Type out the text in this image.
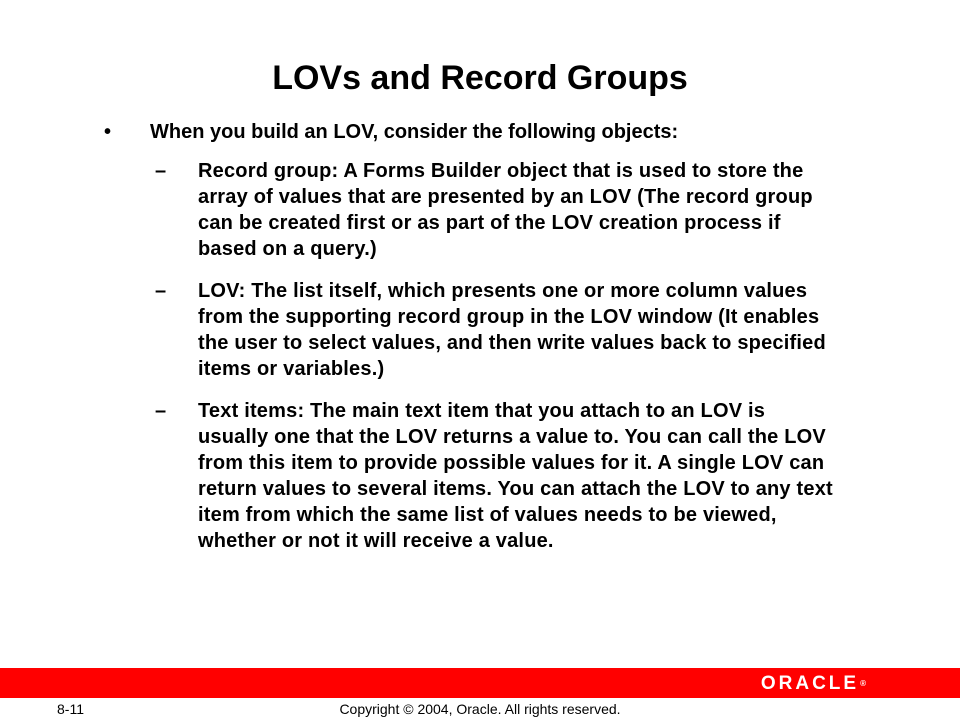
LOVs and Record Groups
• When you build an LOV, consider the following objects:
– Record group: A Forms Builder object that is used to store the array of values that are presented by an LOV (The record group can be created first or as part of the LOV creation process if based on a query.)
– LOV: The list itself, which presents one or more column values from the supporting record group in the LOV window (It enables the user to select values, and then write values back to specified items or variables.)
– Text items: The main text item that you attach to an LOV is usually one that the LOV returns a value to. You can call the LOV from this item to provide possible values for it. A single LOV can return values to several items. You can attach the LOV to any text item from which the same list of values needs to be viewed, whether or not it will receive a value.
ORACLE®
8-11	Copyright © 2004, Oracle. All rights reserved.
